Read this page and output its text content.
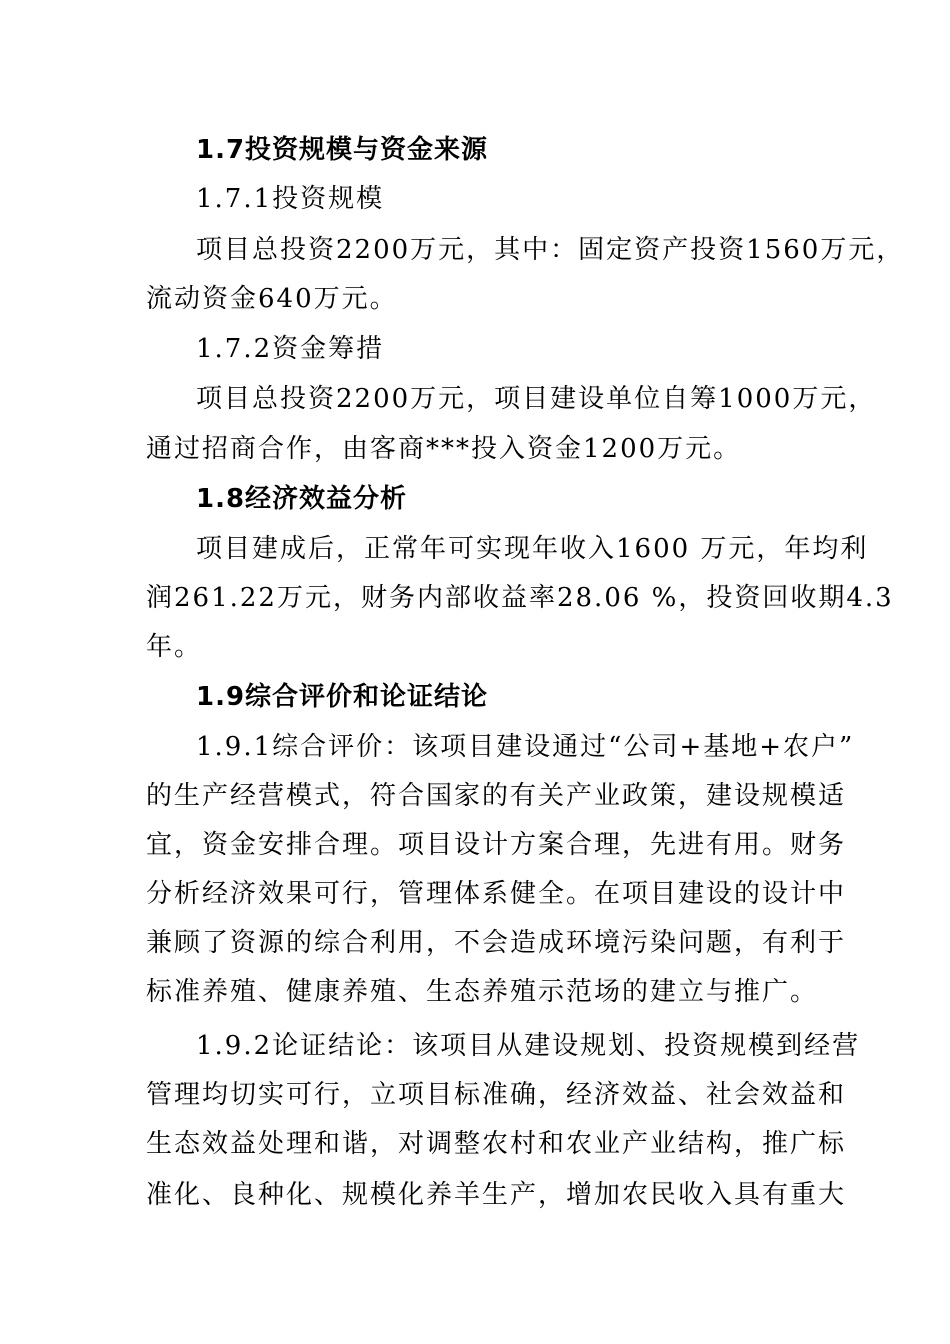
1.7投资规模与资金来源
1.7.1投资规模
项目总投资2200万元，其中：固定资产投资1560万元，
流动资金640万元。
1.7.2资金筹措
项目总投资2200万元，项目建设单位自筹1000万元，
通过招商合作，由客商***投入资金1200万元。
1.8经济效益分析
项目建成后，正常年可实现年收入1600 万元，年均利
润261.22万元，财务内部收益率28.06 %，投资回收期4.3
年。
1.9综合评价和论证结论
1.9.1综合评价：该项目建设通过“公司+基地+农户”
的生产经营模式，符合国家的有关产业政策，建设规模适
宜，资金安排合理。项目设计方案合理，先进有用。财务
分析经济效果可行，管理体系健全。在项目建设的设计中
兼顾了资源的综合利用，不会造成环境污染问题，有利于
标准养殖、健康养殖、生态养殖示范场的建立与推广。
1.9.2论证结论：该项目从建设规划、投资规模到经营
管理均切实可行，立项目标准确，经济效益、社会效益和
生态效益处理和谐，对调整农村和农业产业结构，推广标
准化、良种化、规模化养羊生产，增加农民收入具有重大
